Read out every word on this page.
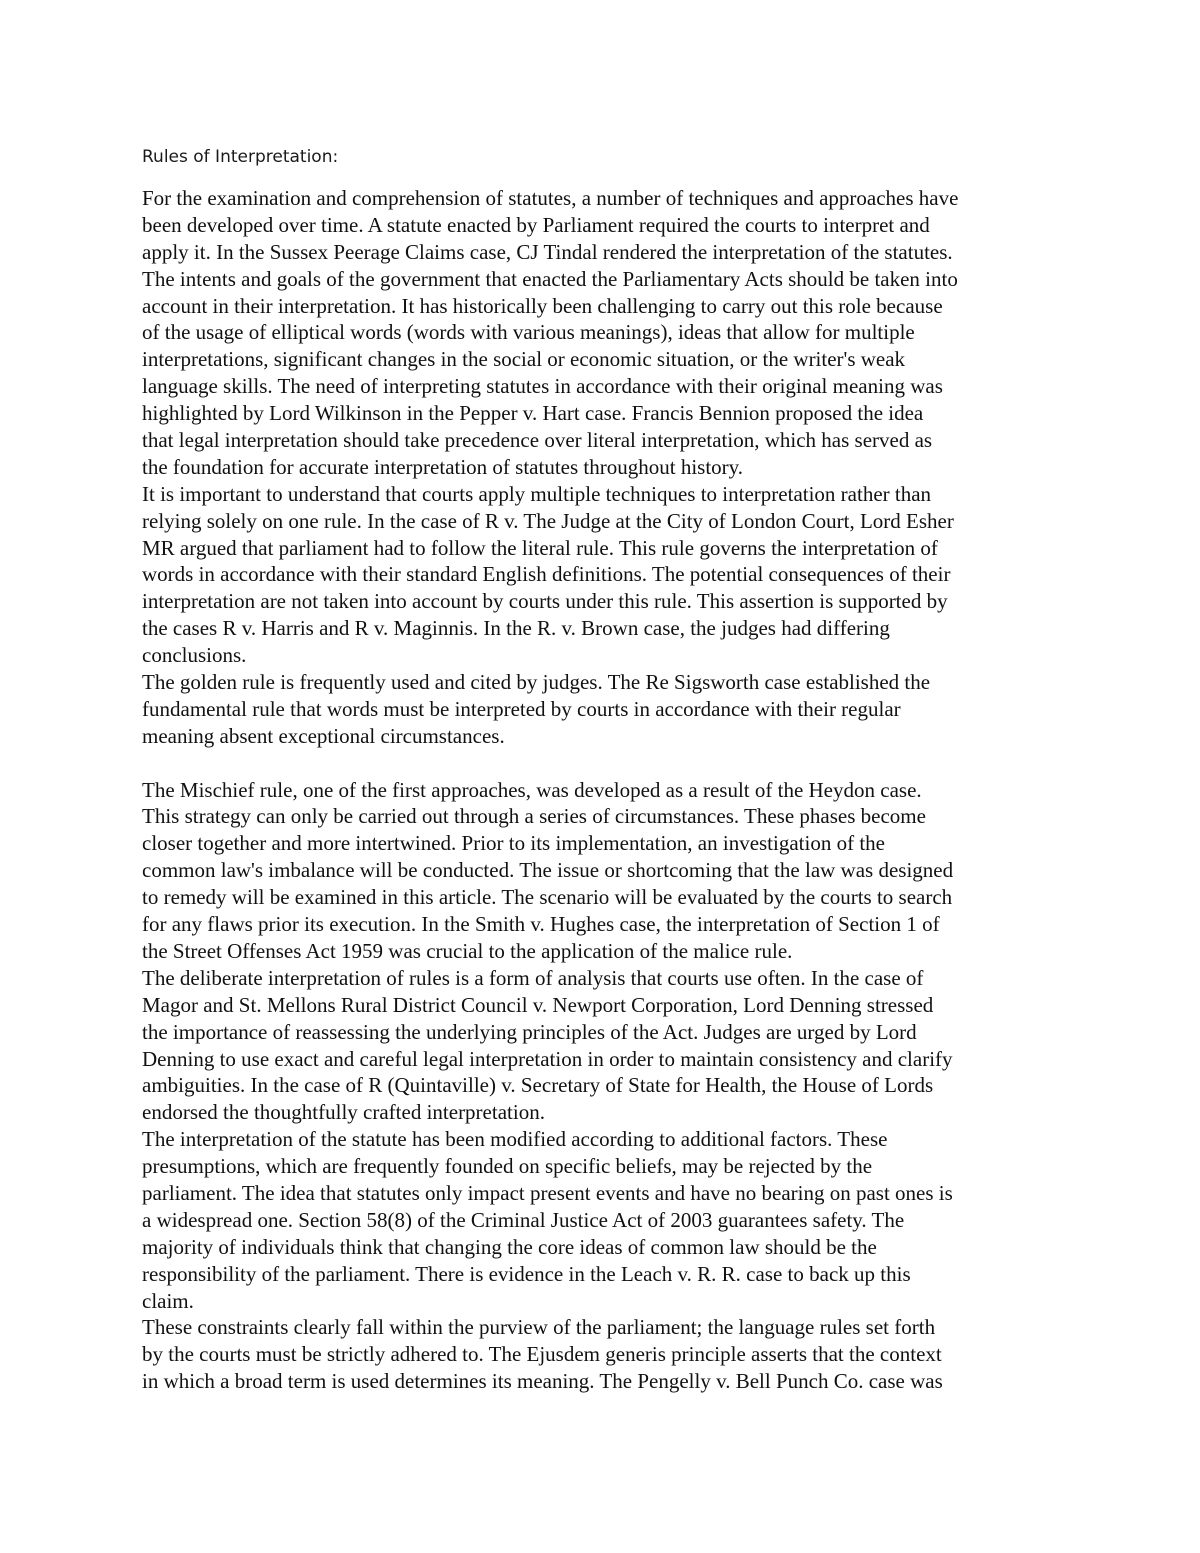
Rules of Interpretation:
For the examination and comprehension of statutes, a number of techniques and approaches have
been developed over time. A statute enacted by Parliament required the courts to interpret and
apply it. In the Sussex Peerage Claims case, CJ Tindal rendered the interpretation of the statutes.
The intents and goals of the government that enacted the Parliamentary Acts should be taken into
account in their interpretation. It has historically been challenging to carry out this role because
of the usage of elliptical words (words with various meanings), ideas that allow for multiple
interpretations, significant changes in the social or economic situation, or the writer's weak
language skills. The need of interpreting statutes in accordance with their original meaning was
highlighted by Lord Wilkinson in the Pepper v. Hart case. Francis Bennion proposed the idea
that legal interpretation should take precedence over literal interpretation, which has served as
the foundation for accurate interpretation of statutes throughout history.
It is important to understand that courts apply multiple techniques to interpretation rather than
relying solely on one rule. In the case of R v. The Judge at the City of London Court, Lord Esher
MR argued that parliament had to follow the literal rule. This rule governs the interpretation of
words in accordance with their standard English definitions. The potential consequences of their
interpretation are not taken into account by courts under this rule. This assertion is supported by
the cases R v. Harris and R v. Maginnis. In the R. v. Brown case, the judges had differing
conclusions.
The golden rule is frequently used and cited by judges. The Re Sigsworth case established the
fundamental rule that words must be interpreted by courts in accordance with their regular
meaning absent exceptional circumstances.
The Mischief rule, one of the first approaches, was developed as a result of the Heydon case.
This strategy can only be carried out through a series of circumstances. These phases become
closer together and more intertwined. Prior to its implementation, an investigation of the
common law's imbalance will be conducted. The issue or shortcoming that the law was designed
to remedy will be examined in this article. The scenario will be evaluated by the courts to search
for any flaws prior its execution. In the Smith v. Hughes case, the interpretation of Section 1 of
the Street Offenses Act 1959 was crucial to the application of the malice rule.
The deliberate interpretation of rules is a form of analysis that courts use often. In the case of
Magor and St. Mellons Rural District Council v. Newport Corporation, Lord Denning stressed
the importance of reassessing the underlying principles of the Act. Judges are urged by Lord
Denning to use exact and careful legal interpretation in order to maintain consistency and clarify
ambiguities. In the case of R (Quintaville) v. Secretary of State for Health, the House of Lords
endorsed the thoughtfully crafted interpretation.
The interpretation of the statute has been modified according to additional factors. These
presumptions, which are frequently founded on specific beliefs, may be rejected by the
parliament. The idea that statutes only impact present events and have no bearing on past ones is
a widespread one. Section 58(8) of the Criminal Justice Act of 2003 guarantees safety. The
majority of individuals think that changing the core ideas of common law should be the
responsibility of the parliament. There is evidence in the Leach v. R. R. case to back up this
claim.
These constraints clearly fall within the purview of the parliament; the language rules set forth
by the courts must be strictly adhered to. The Ejusdem generis principle asserts that the context
in which a broad term is used determines its meaning. The Pengelly v. Bell Punch Co. case was
